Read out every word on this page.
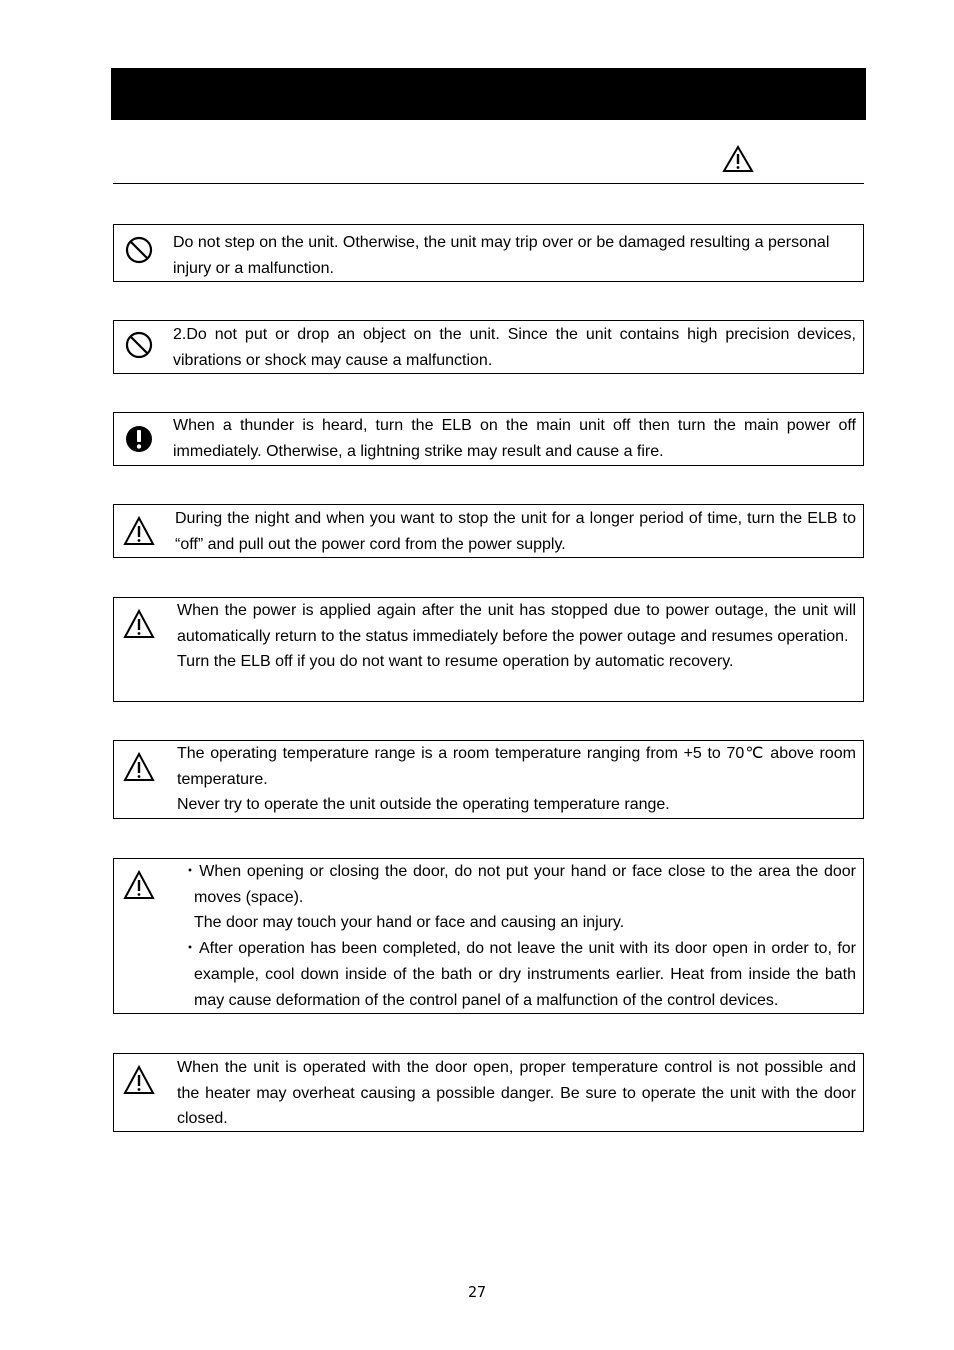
Do not step on the unit. Otherwise, the unit may trip over or be damaged resulting a personal injury or a malfunction.

2.Do not put or drop an object on the unit. Since the unit contains high precision devices, vibrations or shock may cause a malfunction.

When a thunder is heard, turn the ELB on the main unit off then turn the main power off immediately. Otherwise, a lightning strike may result and cause a fire.

During the night and when you want to stop the unit for a longer period of time, turn the ELB to “off” and pull out the power cord from the power supply.

When the power is applied again after the unit has stopped due to power outage, the unit will automatically return to the status immediately before the power outage and resumes operation.

Turn the ELB off if you do not want to resume operation by automatic recovery.

The operating temperature range is a room temperature ranging from +5 to 70℃ above room temperature.

Never try to operate the unit outside the operating temperature range.

・When opening or closing the door, do not put your hand or face close to the area the door moves (space).

The door may touch your hand or face and causing an injury.

・After operation has been completed, do not leave the unit with its door open in order to, for example, cool down inside of the bath or dry instruments earlier. Heat from inside the bath may cause deformation of the control panel of a malfunction of the control devices.

When the unit is operated with the door open, proper temperature control is not possible and the heater may overheat causing a possible danger. Be sure to operate the unit with the door closed.

27
